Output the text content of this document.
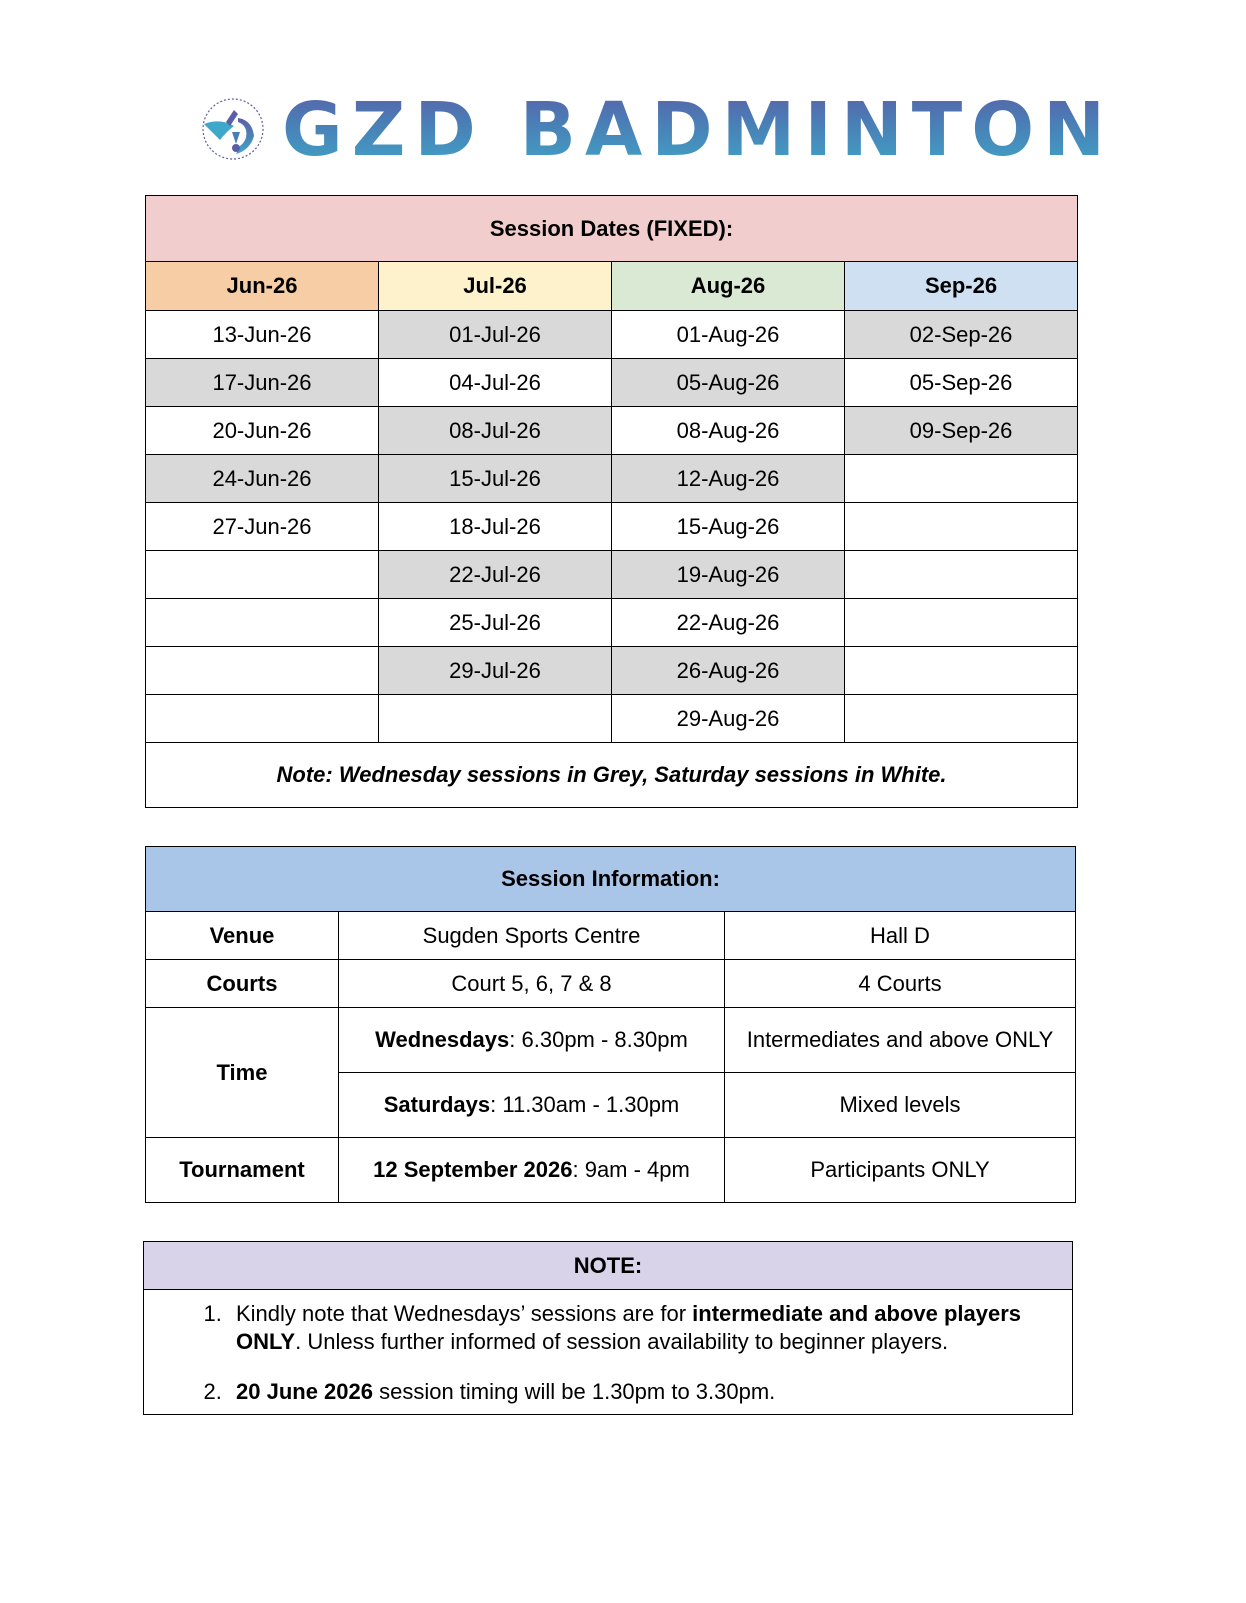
GZD BADMINTON
Session Dates (FIXED):			
Jun-26	Jul-26	Aug-26	Sep-26
13-Jun-26	01-Jul-26	01-Aug-26	02-Sep-26
17-Jun-26	04-Jul-26	05-Aug-26	05-Sep-26
20-Jun-26	08-Jul-26	08-Aug-26	09-Sep-26
24-Jun-26	15-Jul-26	12-Aug-26	
27-Jun-26	18-Jul-26	15-Aug-26	
	22-Jul-26	19-Aug-26	
	25-Jul-26	22-Aug-26	
	29-Jul-26	26-Aug-26	
		29-Aug-26	
Note: Wednesday sessions in Grey, Saturday sessions in White.			
Session Information:		
Venue	Sugden Sports Centre	Hall D
Courts	Court 5, 6, 7 & 8	4 Courts
Time	Wednesdays: 6.30pm - 8.30pm	Intermediates and above ONLY
	Saturdays: 11.30am - 1.30pm	Mixed levels
Tournament	12 September 2026: 9am - 4pm	Participants ONLY
NOTE:
1. Kindly note that Wednesdays’ sessions are for intermediate and above players ONLY. Unless further informed of session availability to beginner players.
2. 20 June 2026 session timing will be 1.30pm to 3.30pm.
